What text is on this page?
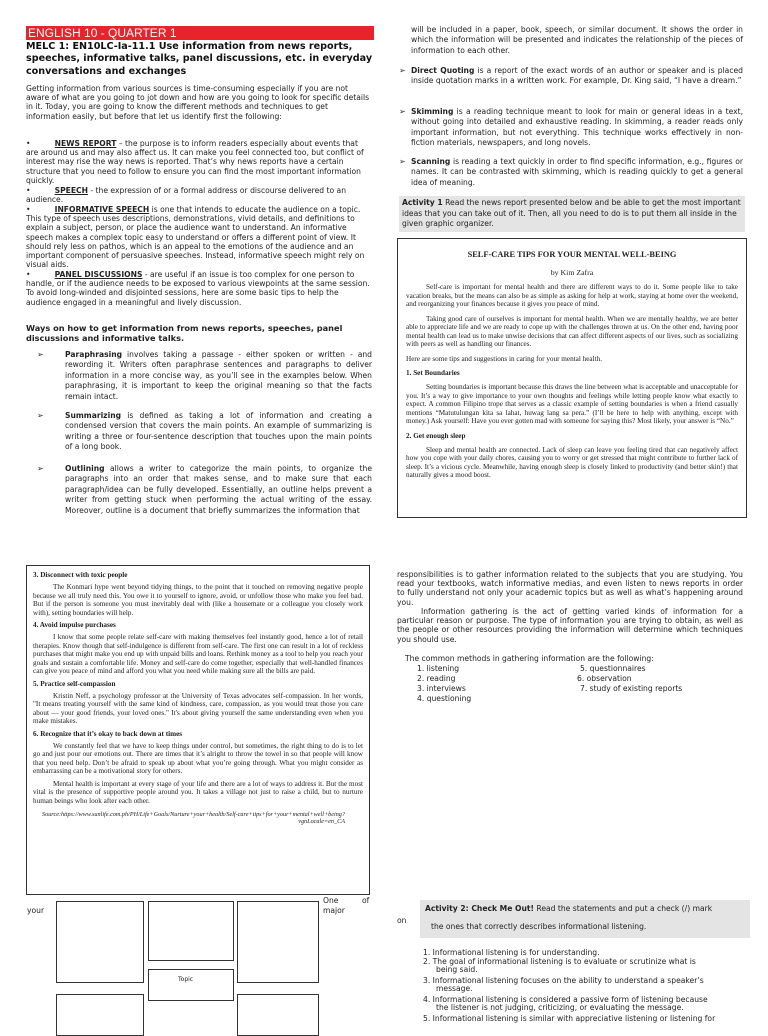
ENGLISH 10 - QUARTER 1
MELC 1: EN10LC-Ia-11.1 Use information from news reports, speeches, informative talks, panel discussions, etc. in everyday conversations and exchanges

Getting information from various sources is time-consuming especially if you are not aware of what are you going to jot down and how are you going to look for specific details in it. Today, you are going to know the different methods and techniques to get information easily, but before that let us identify first the following:

•          NEWS REPORT – the purpose is to inform readers especially about events that are around us and may also affect us. It can make you feel connected too, but conflict of interest may rise the way news is reported. That’s why news reports have a certain structure that you need to follow to ensure you can find the most important information quickly.
•          SPEECH - the expression of or a formal address or discourse delivered to an audience.
•          INFORMATIVE SPEECH is one that intends to educate the audience on a topic. This type of speech uses descriptions, demonstrations, vivid details, and definitions to explain a subject, person, or place the audience want to understand. An informative speech makes a complex topic easy to understand or offers a different point of view. It should rely less on pathos, which is an appeal to the emotions of the audience and an important component of persuasive speeches. Instead, informative speech might rely on visual aids.
•          PANEL DISCUSSIONS - are useful if an issue is too complex for one person to handle, or if the audience needs to be exposed to various viewpoints at the same session. To avoid long-winded and disjointed sessions, here are some basic tips to help the audience engaged in a meaningful and lively discussion.
Ways on how to get information from news reports, speeches, panel discussions and informative talks.
➢	Paraphrasing involves taking a passage - either spoken or written - and rewording it. Writers often paraphrase sentences and paragraphs to deliver information in a more concise way, as you’ll see in the examples below. When paraphrasing, it is important to keep the original meaning so that the facts remain intact.

➢	Summarizing is defined as taking a lot of information and creating a condensed version that covers the main points. An example of summarizing is writing a three or four-sentence description that touches upon the main points of a long book.

➢	Outlining allows a writer to categorize the main points, to organize the paragraphs into an order that makes sense, and to make sure that each paragraph/idea can be fully developed. Essentially, an outline helps prevent a writer from getting stuck when performing the actual writing of the essay. Moreover, outline is a document that briefly summarizes the information that

will be included in a paper, book, speech, or similar document. It shows the order in which the information will be presented and indicates the relationship of the pieces of information to each other.

➢ Direct Quoting is a report of the exact words of an author or speaker and is placed inside quotation marks in a written work. For example, Dr. King said, “I have a dream.”

➢ Skimming is a reading technique meant to look for main or general ideas in a text, without going into detailed and exhaustive reading. In skimming, a reader reads only important information, but not everything. This technique works effectively in non-fiction materials, newspapers, and long novels.

➢ Scanning is reading a text quickly in order to find specific information, e.g., figures or names. It can be contrasted with skimming, which is reading quickly to get a general idea of meaning.

Activity 1 Read the news report presented below and be able to get the most important ideas that you can take out of it. Then, all you need to do is to put them all inside in the given graphic organizer.
SELF-CARE TIPS FOR YOUR MENTAL WELL-BEING
by Kim Zafra

Self-care is important for mental health and there are different ways to do it. Some people like to take vacation breaks, but the means can also be as simple as asking for help at work, staying at home over the weekend, and reorganizing your finances because it gives you peace of mind.

Taking good care of ourselves is important for mental health. When we are mentally healthy, we are better able to appreciate life and we are ready to cope up with the challenges thrown at us. On the other end, having poor mental health can lead us to make unwise decisions that can affect different aspects of our lives, such as socializing with peers as well as handling our finances.

Here are some tips and suggestions in caring for your mental health.

1. Set Boundaries

Setting boundaries is important because this draws the line between what is acceptable and unacceptable for you. It’s a way to give importance to your own thoughts and feelings while letting people know what exactly to expect. A common Filipino trope that serves as a classic example of setting boundaries is when a friend casually mentions “Matutulungan kita sa lahat, huwag lang sa pera.” (I’ll be here to help with anything, except with money.) Ask yourself: Have you ever gotten mad with someone for saying this? Most likely, your answer is “No.”

2. Get enough sleep

Sleep and mental health are connected. Lack of sleep can leave you feeling tired that can negatively affect how you cope with your daily chores, causing you to worry or get stressed that might contribute to further lack of sleep. It’s a vicious cycle. Meanwhile, having enough sleep is closely linked to productivity (and better skin!) that naturally gives a mood boost.

3. Disconnect with toxic people

The Konmari hype went beyond tidying things, to the point that it touched on removing negative people because we all truly need this. You owe it to yourself to ignore, avoid, or unfollow those who make you feel bad. But if the person is someone you must inevitably deal with (like a housemate or a colleague you closely work with), setting boundaries will help.

4. Avoid impulse purchases

I know that some people relate self-care with making themselves feel instantly good, hence a lot of retail therapies. Know though that self-indulgence is different from self-care. The first one can result in a lot of reckless purchases that might make you end up with unpaid bills and loans. Rethink money as a tool to help you reach your goals and sustain a comfortable life. Money and self-care do come together, especially that well-handled finances can give you peace of mind and afford you what you need while making sure all the bills are paid.

5. Practice self-compassion

Kristin Neff, a psychology professor at the University of Texas advocates self-compassion. In her words, "It means treating yourself with the same kind of kindness, care, compassion, as you would treat those you care about — your good friends, your loved ones." It's about giving yourself the same understanding even when you make mistakes.

6. Recognize that it’s okay to back down at times

We constantly feel that we have to keep things under control, but sometimes, the right thing to do is to let go and just pour our emotions out. There are times that it’s alright to throw the towel in so that people will know that you need help. Don’t be afraid to speak up about what you’re going through. What you might consider as embarrassing can be a motivational story for others.

Mental health is important at every stage of your life and there are a lot of ways to address it. But the most vital is the presence of supportive people around you. It takes a village not just to raise a child, but to nurture human beings who look after each other.

Source:https://www.sunlife.com.ph/PH/Life+Goals/Nurture+your+health/Self-care+tips+for+your+mental+well+being?vgnLocale=en_CA
One	of
your	major
Topic

responsibilities is to gather information related to the subjects that you are studying. You read your textbooks, watch informative medias, and even listen to news reports in order to fully understand not only your academic topics but as well as what’s happening around you.

Information gathering is the act of getting varied kinds of information for a particular reason or purpose. The type of information you are trying to obtain, as well as the people or other resources providing the information will determine which techniques you should use.

The common methods in gathering information are the following:

1. listening
2. reading
3. interviews
4. questioning
5. questionnaires
6. observation
7. study of existing reports
on
Activity 2: Check Me Out! Read the statements and put a check (/) mark
the ones that correctly describes informational listening.
1. Informational listening is for understanding.
2. The goal of informational listening is to evaluate or scrutinize what is
being said.
3. Informational listening focuses on the ability to understand a speaker’s
message.
4. Informational listening is considered a passive form of listening because
the listener is not judging, criticizing, or evaluating the message.
5. Informational listening is similar with appreciative listening or listening for
